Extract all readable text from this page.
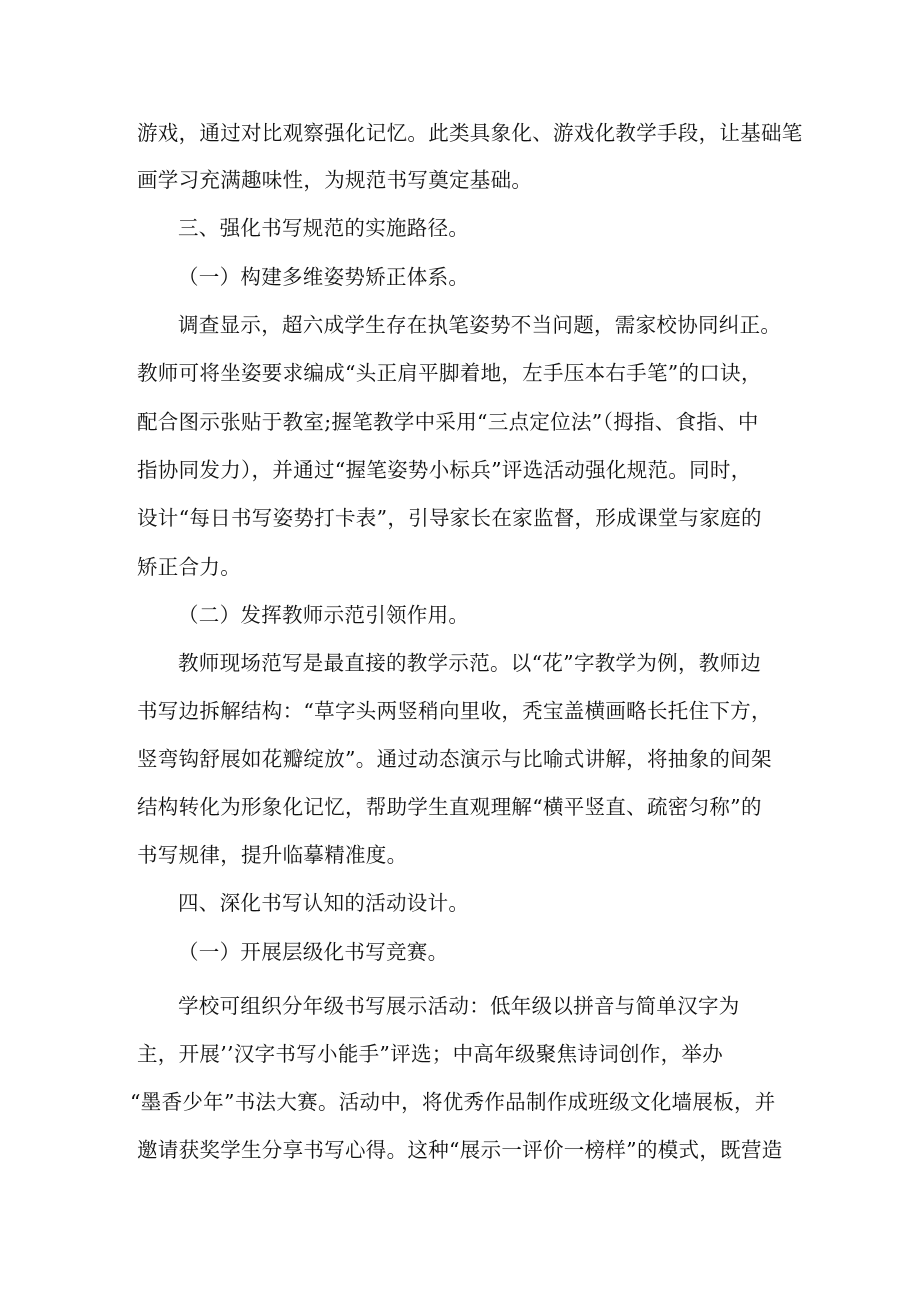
游戏，通过对比观察强化记忆。此类具象化、游戏化教学手段，让基础笔
画学习充满趣味性，为规范书写奠定基础。
三、强化书写规范的实施路径。
（一）构建多维姿势矫正体系。
调查显示，超六成学生存在执笔姿势不当问题，需家校协同纠正。
教师可将坐姿要求编成“头正肩平脚着地，左手压本右手笔”的口诀，
配合图示张贴于教室;握笔教学中采用“三点定位法”（拇指、食指、中
指协同发力），并通过“握笔姿势小标兵”评选活动强化规范。同时，
设计“每日书写姿势打卡表”，引导家长在家监督，形成课堂与家庭的
矫正合力。
（二）发挥教师示范引领作用。
教师现场范写是最直接的教学示范。以“花”字教学为例，教师边
书写边拆解结构：“草字头两竖稍向里收，秃宝盖横画略长托住下方，
竖弯钩舒展如花瓣绽放”。通过动态演示与比喻式讲解，将抽象的间架
结构转化为形象化记忆，帮助学生直观理解“横平竖直、疏密匀称”的
书写规律，提升临摹精准度。
四、深化书写认知的活动设计。
（一）开展层级化书写竞赛。
学校可组织分年级书写展示活动：低年级以拼音与简单汉字为
主，开展’’汉字书写小能手”评选；中高年级聚焦诗词创作，举办
“墨香少年”书法大赛。活动中，将优秀作品制作成班级文化墙展板，并
邀请获奖学生分享书写心得。这种“展示一评价一榜样”的模式，既营造
